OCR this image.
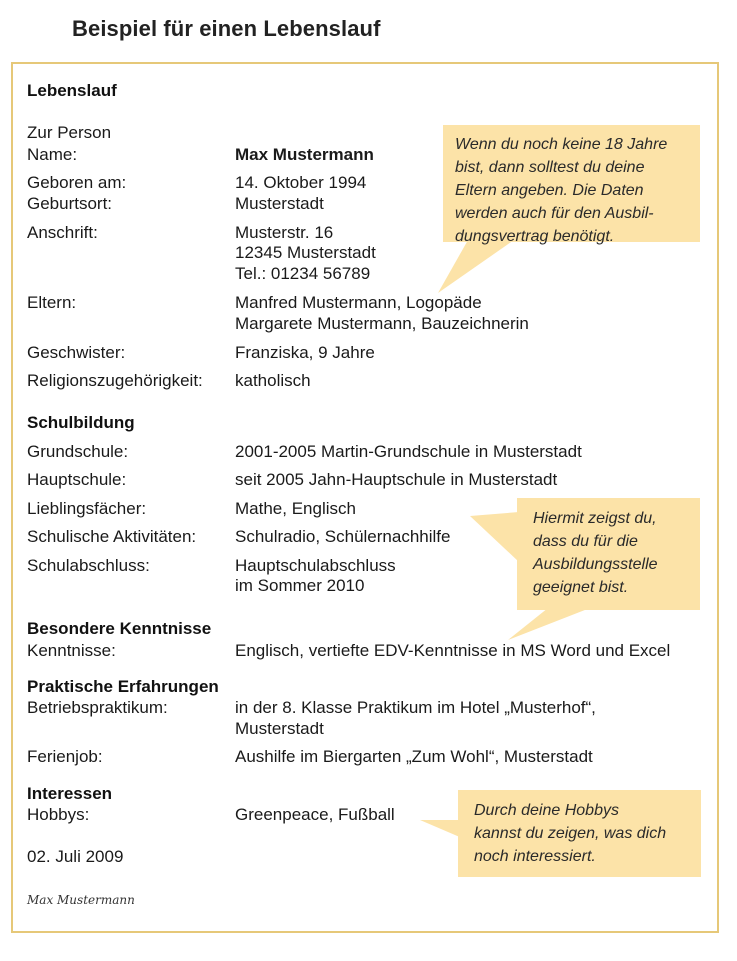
Beispiel für einen Lebenslauf
Lebenslauf
Zur Person
Name:	Max Mustermann
Geboren am:	14. Oktober 1994
Geburtsort:	Musterstadt
Anschrift:	Musterstr. 16
12345 Musterstadt
Tel.: 01234 56789
Eltern:	Manfred Mustermann, Logopäde
Margarete Mustermann, Bauzeichnerin
Geschwister:	Franziska, 9 Jahre
Religionszugehörigkeit: katholisch
Schulbildung
Grundschule:	2001-2005 Martin-Grundschule in Musterstadt
Hauptschule:	seit 2005 Jahn-Hauptschule in Musterstadt
Lieblingsfächer:	Mathe, Englisch
Schulische Aktivitäten: Schulradio, Schülernachhilfe
Schulabschluss:	Hauptschulabschluss
im Sommer 2010
Besondere Kenntnisse
Kenntnisse:	Englisch, vertiefte EDV-Kenntnisse in MS Word und Excel
Praktische Erfahrungen
Betriebspraktikum:	in der 8. Klasse Praktikum im Hotel „Musterhof“,
Musterstadt
Ferienjob:	Aushilfe im Biergarten „Zum Wohl“, Musterstadt
Interessen
Hobbys:	Greenpeace, Fußball
02. Juli 2009
Max Mustermann
Wenn du noch keine 18 Jahre
bist, dann solltest du deine
Eltern angeben. Die Daten
werden auch für den Ausbil-
dungsvertrag benötigt.
Hiermit zeigst du,
dass du für die
Ausbildungsstelle
geeignet bist.
Durch deine Hobbys
kannst du zeigen, was dich
noch interessiert.
